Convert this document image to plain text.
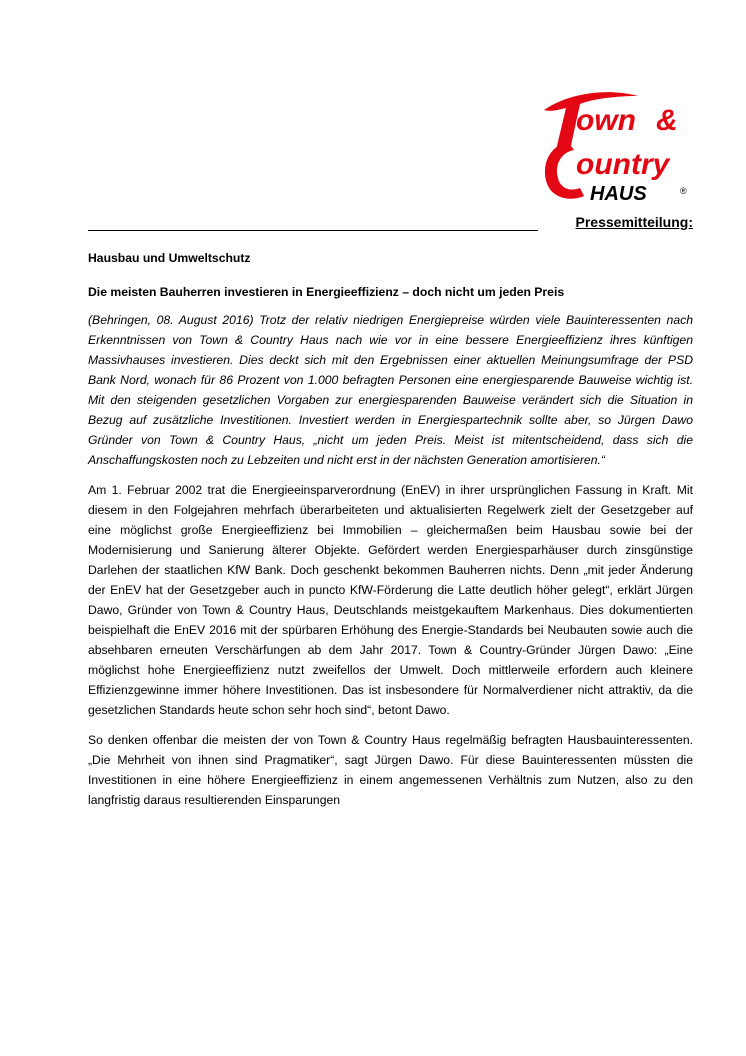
own &
ountry
HAUS	®
Pressemitteilung:

Hausbau und Umweltschutz

Die meisten Bauherren investieren in Energieeffizienz – doch nicht um jeden Preis

(Behringen, 08. August 2016) Trotz der relativ niedrigen Energiepreise würden viele Bauinteressenten nach Erkenntnissen von Town & Country Haus nach wie vor in eine bessere Energieeffizienz ihres künftigen Massivhauses investieren. Dies deckt sich mit den Ergebnissen einer aktuellen Meinungsumfrage der PSD Bank Nord, wonach für 86 Prozent von 1.000 befragten Personen eine energiesparende Bauweise wichtig ist. Mit den steigenden gesetzlichen Vorgaben zur energiesparenden Bauweise verändert sich die Situation in Bezug auf zusätzliche Investitionen. Investiert werden in Energiespartechnik sollte aber, so Jürgen Dawo Gründer von Town & Country Haus, „nicht um jeden Preis. Meist ist mitentscheidend, dass sich die Anschaffungskosten noch zu Lebzeiten und nicht erst in der nächsten Generation amortisieren.“

Am 1. Februar 2002 trat die Energieeinsparverordnung (EnEV) in ihrer ursprünglichen Fassung in Kraft. Mit diesem in den Folgejahren mehrfach überarbeiteten und aktualisierten Regelwerk zielt der Gesetzgeber auf eine möglichst große Energieeffizienz bei Immobilien – gleichermaßen beim Hausbau sowie bei der Modernisierung und Sanierung älterer Objekte. Gefördert werden Energiesparhäuser durch zinsgünstige Darlehen der staatlichen KfW Bank. Doch geschenkt bekommen Bauherren nichts. Denn „mit jeder Änderung der EnEV hat der Gesetzgeber auch in puncto KfW-Förderung die Latte deutlich höher gelegt“, erklärt Jürgen Dawo, Gründer von Town & Country Haus, Deutschlands meistgekauftem Markenhaus. Dies dokumentierten beispielhaft die EnEV 2016 mit der spürbaren Erhöhung des Energie-Standards bei Neubauten sowie auch die absehbaren erneuten Verschärfungen ab dem Jahr 2017. Town & Country-Gründer Jürgen Dawo: „Eine möglichst hohe Energieeffizienz nutzt zweifellos der Umwelt. Doch mittlerweile erfordern auch kleinere Effizienzgewinne immer höhere Investitionen. Das ist insbesondere für Normalverdiener nicht attraktiv, da die gesetzlichen Standards heute schon sehr hoch sind“, betont Dawo.

So denken offenbar die meisten der von Town & Country Haus regelmäßig befragten Hausbauinteressenten. „Die Mehrheit von ihnen sind Pragmatiker“, sagt Jürgen Dawo. Für diese Bauinteressenten müssten die Investitionen in eine höhere Energieeffizienz in einem angemessenen Verhältnis zum Nutzen, also zu den langfristig daraus resultierenden Einsparungen
